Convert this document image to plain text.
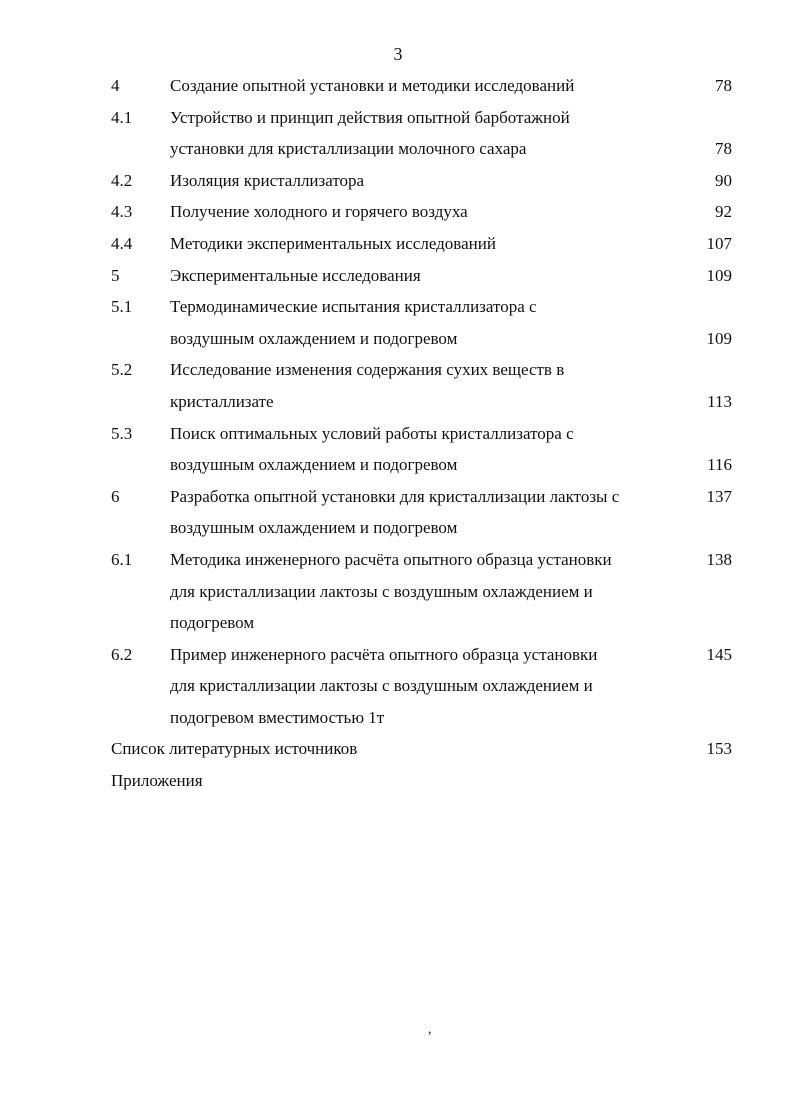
3
4	Создание опытной установки и методики исследований	78
4.1 Устройство и принцип действия опытной барботажной
установки для кристаллизации молочного сахара	78
4.2 Изоляция кристаллизатора	90
4.3 Получение холодного и горячего воздуха	92
4.4 Методики экспериментальных исследований	107
5	Экспериментальные исследования	109
5.1 Термодинамические испытания кристаллизатора с
воздушным охлаждением и подогревом	109
5.2 Исследование изменения содержания сухих веществ в
кристаллизате	113
5.3 Поиск оптимальных условий работы кристаллизатора с
воздушным охлаждением и подогревом	116
6	Разработка опытной установки для кристаллизации лактозы с	137
воздушным охлаждением и подогревом
6.1 Методика инженерного расчёта опытного образца установки	138
для кристаллизации лактозы с воздушным охлаждением и
подогревом
6.2 Пример инженерного расчёта опытного образца установки	145
для кристаллизации лактозы с воздушным охлаждением и
подогревом вместимостью 1т
Список литературных источников	153
Приложения
,
